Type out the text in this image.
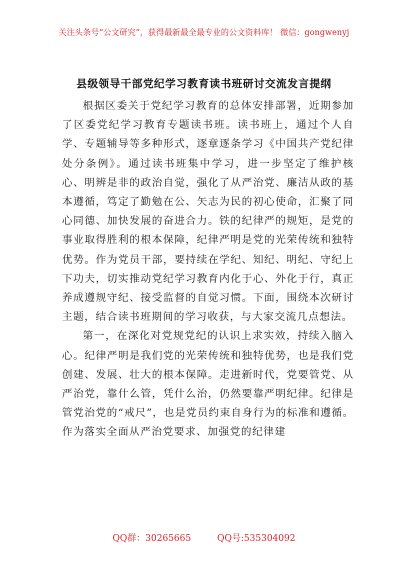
关注头条号“公文研究”，获得最新最全最专业的公文资料库！ 微信：gongwenyj
县级领导干部党纪学习教育读书班研讨交流发言提纲

根据区委关于党纪学习教育的总体安排部署，近期参加了区委党纪学习教育专题读书班。读书班上，通过个人自学、专题辅导等多种形式，逐章逐条学习《中国共产党纪律处分条例》。通过读书班集中学习，进一步坚定了维护核心、明辨是非的政治自觉，强化了从严治党、廉洁从政的基本遵循，笃定了勤勉在公、矢志为民的初心使命，汇聚了同心同德、加快发展的奋进合力。铁的纪律严的规矩，是党的事业取得胜利的根本保障，纪律严明是党的光荣传统和独特优势。作为党员干部，要持续在学纪、知纪、明纪、守纪上下功夫，切实推动党纪学习教育内化于心、外化于行，真正养成遵规守纪、接受监督的自觉习惯。下面，围绕本次研讨主题，结合读书班期间的学习收获，与大家交流几点想法。

第一，在深化对党规党纪的认识上求实效，持续入脑入心。纪律严明是我们党的光荣传统和独特优势，也是我们党创建、发展、壮大的根本保障。走进新时代，党要管党、从严治党，靠什么管，凭什么治，仍然要靠严明纪律。纪律是管党治党的“戒尺”，也是党员约束自身行为的标准和遵循。作为落实全面从严治党要求、加强党的纪律建

QQ群：30265665	QQ号:535304092
